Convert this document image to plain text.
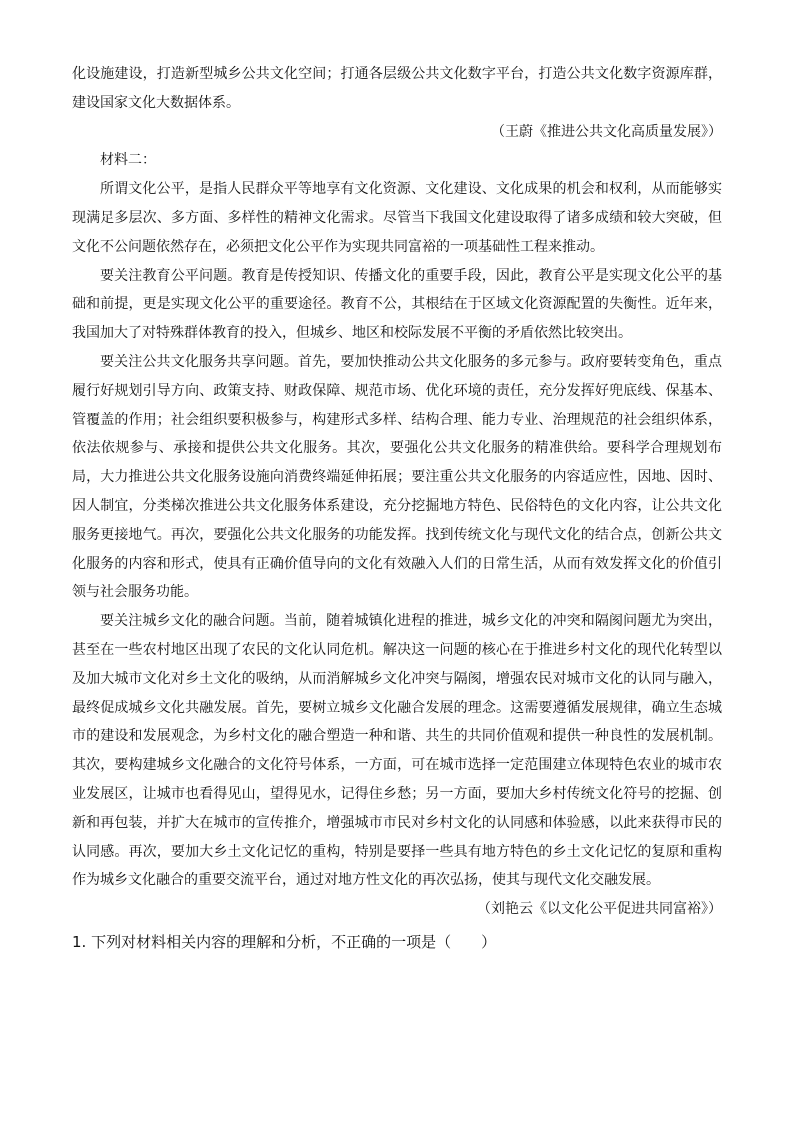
化设施建设，打造新型城乡公共文化空间；打通各层级公共文化数字平台，打造公共文化数字资源库群，建设国家文化大数据体系。

（王蔚《推进公共文化高质量发展》）

材料二：

所谓文化公平，是指人民群众平等地享有文化资源、文化建设、文化成果的机会和权利，从而能够实现满足多层次、多方面、多样性的精神文化需求。尽管当下我国文化建设取得了诸多成绩和较大突破，但文化不公问题依然存在，必须把文化公平作为实现共同富裕的一项基础性工程来推动。

要关注教育公平问题。教育是传授知识、传播文化的重要手段，因此，教育公平是实现文化公平的基础和前提，更是实现文化公平的重要途径。教育不公，其根结在于区域文化资源配置的失衡性。近年来，我国加大了对特殊群体教育的投入，但城乡、地区和校际发展不平衡的矛盾依然比较突出。

要关注公共文化服务共享问题。首先，要加快推动公共文化服务的多元参与。政府要转变角色，重点履行好规划引导方向、政策支持、财政保障、规范市场、优化环境的责任，充分发挥好兜底线、保基本、管覆盖的作用；社会组织要积极参与，构建形式多样、结构合理、能力专业、治理规范的社会组织体系，依法依规参与、承接和提供公共文化服务。其次，要强化公共文化服务的精准供给。要科学合理规划布局，大力推进公共文化服务设施向消费终端延伸拓展；要注重公共文化服务的内容适应性，因地、因时、因人制宜，分类梯次推进公共文化服务体系建设，充分挖掘地方特色、民俗特色的文化内容，让公共文化服务更接地气。再次，要强化公共文化服务的功能发挥。找到传统文化与现代文化的结合点，创新公共文化服务的内容和形式，使具有正确价值导向的文化有效融入人们的日常生活，从而有效发挥文化的价值引领与社会服务功能。

要关注城乡文化的融合问题。当前，随着城镇化进程的推进，城乡文化的冲突和隔阂问题尤为突出，甚至在一些农村地区出现了农民的文化认同危机。解决这一问题的核心在于推进乡村文化的现代化转型以及加大城市文化对乡土文化的吸纳，从而消解城乡文化冲突与隔阂，增强农民对城市文化的认同与融入，最终促成城乡文化共融发展。首先，要树立城乡文化融合发展的理念。这需要遵循发展规律，确立生态城市的建设和发展观念，为乡村文化的融合塑造一种和谐、共生的共同价值观和提供一种良性的发展机制。其次，要构建城乡文化融合的文化符号体系，一方面，可在城市选择一定范围建立体现特色农业的城市农业发展区，让城市也看得见山，望得见水，记得住乡愁；另一方面，要加大乡村传统文化符号的挖掘、创新和再包装，并扩大在城市的宣传推介，增强城市市民对乡村文化的认同感和体验感，以此来获得市民的认同感。再次，要加大乡土文化记忆的重构，特别是要择一些具有地方特色的乡土文化记忆的复原和重构作为城乡文化融合的重要交流平台，通过对地方性文化的再次弘扬，使其与现代文化交融发展。

（刘艳云《以文化公平促进共同富裕》）

1. 下列对材料相关内容的理解和分析，不正确的一项是（　　）
